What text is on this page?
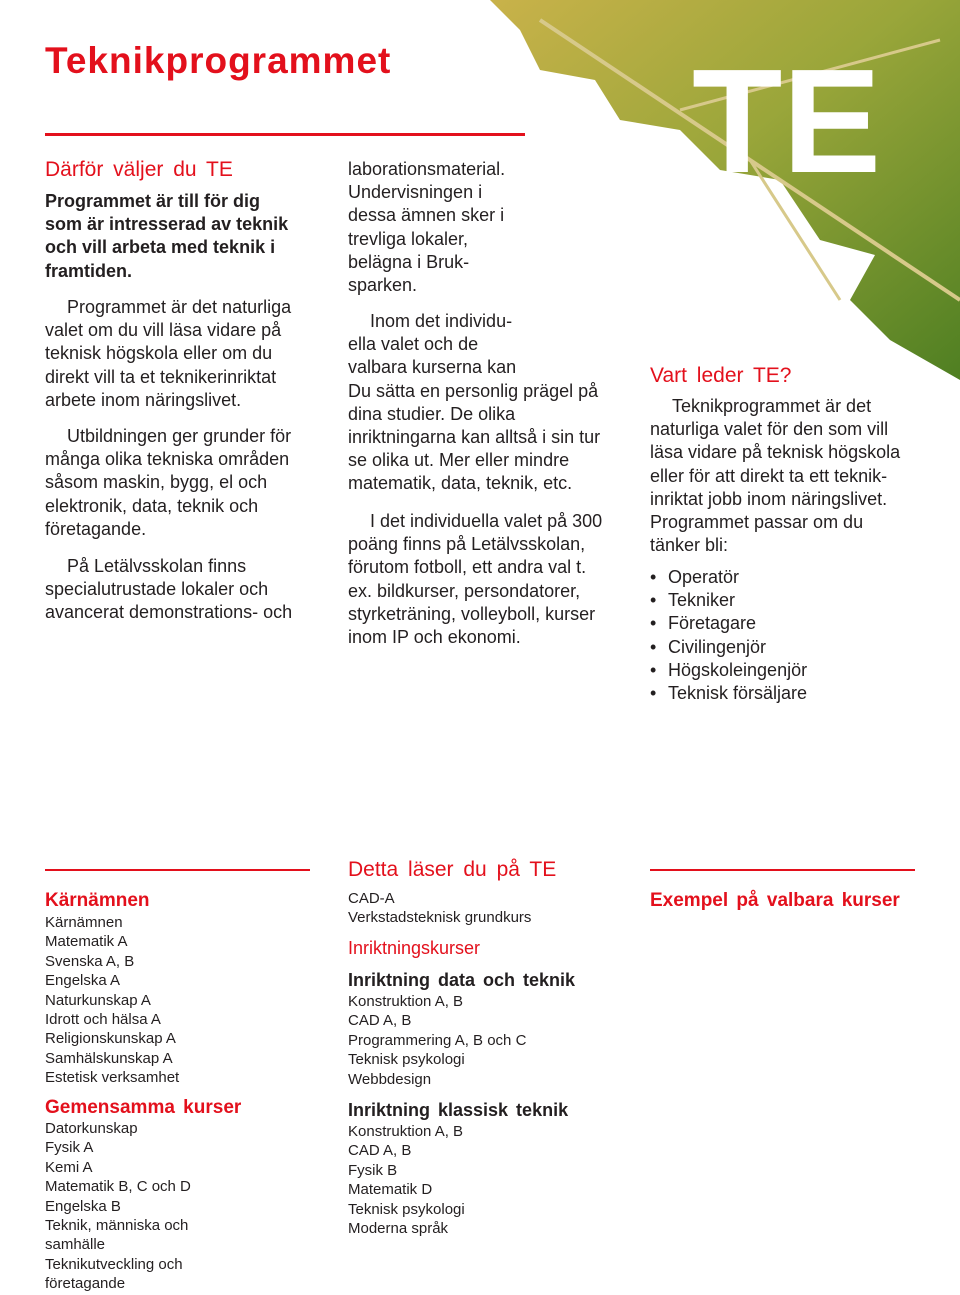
TE
Teknikprogrammet
Därför väljer du TE

Programmet är till för dig
som är intresserad av teknik
och vill arbeta med teknik i
framtiden.

Programmet är det naturliga
valet om du vill läsa vidare på
teknisk högskola eller om du
direkt vill ta et teknikerinriktat
arbete inom näringslivet.

Utbildningen ger grunder för
många olika tekniska områden
såsom maskin, bygg, el och
elektronik, data, teknik och
företagande.

På Letälvsskolan finns
specialutrustade lokaler och
avancerat demonstrations- och

laborationsmaterial.
Undervisningen i
dessa ämnen sker i
trevliga lokaler,
belägna i Bruk-
sparken.

Inom det individu-
ella valet och de
valbara kurserna kan
Du sätta en personlig prägel på
dina studier. De olika
inriktningarna kan alltså i sin tur
se olika ut. Mer eller mindre
matematik, data, teknik, etc.

I det individuella valet på 300
poäng finns på Letälvsskolan,
förutom fotboll, ett andra val t.
ex. bildkurser, persondatorer,
styrketräning, volleyboll, kurser
inom IP och ekonomi.

Vart leder TE?

Teknikprogrammet är det
naturliga valet för den som vill
läsa vidare på teknisk högskola
eller för att direkt ta ett teknik-
inriktat jobb inom näringslivet.
Programmet passar om du
tänker bli:

• Operatör
• Tekniker
• Företagare
• Civilingenjör
• Högskoleingenjör
• Teknisk försäljare
Detta läser du på TE
Kärnämnen
Kärnämnen
Matematik A
Svenska A, B
Engelska A
Naturkunskap A
Idrott och hälsa A
Religionskunskap A
Samhälskunskap A
Estetisk verksamhet
Gemensamma kurser
Datorkunskap
Fysik A
Kemi A
Matematik B, C och D
Engelska B
Teknik, människa och
samhälle
Teknikutveckling och
företagande
CAD-A
Verkstadsteknisk grundkurs
Inriktningskurser
Inriktning data och teknik
Konstruktion A, B
CAD A, B
Programmering A, B och C
Teknisk psykologi
Webbdesign
Inriktning klassisk teknik
Konstruktion A, B
CAD A, B
Fysik B
Matematik D
Teknisk psykologi
Moderna språk
Exempel på valbara kurser
